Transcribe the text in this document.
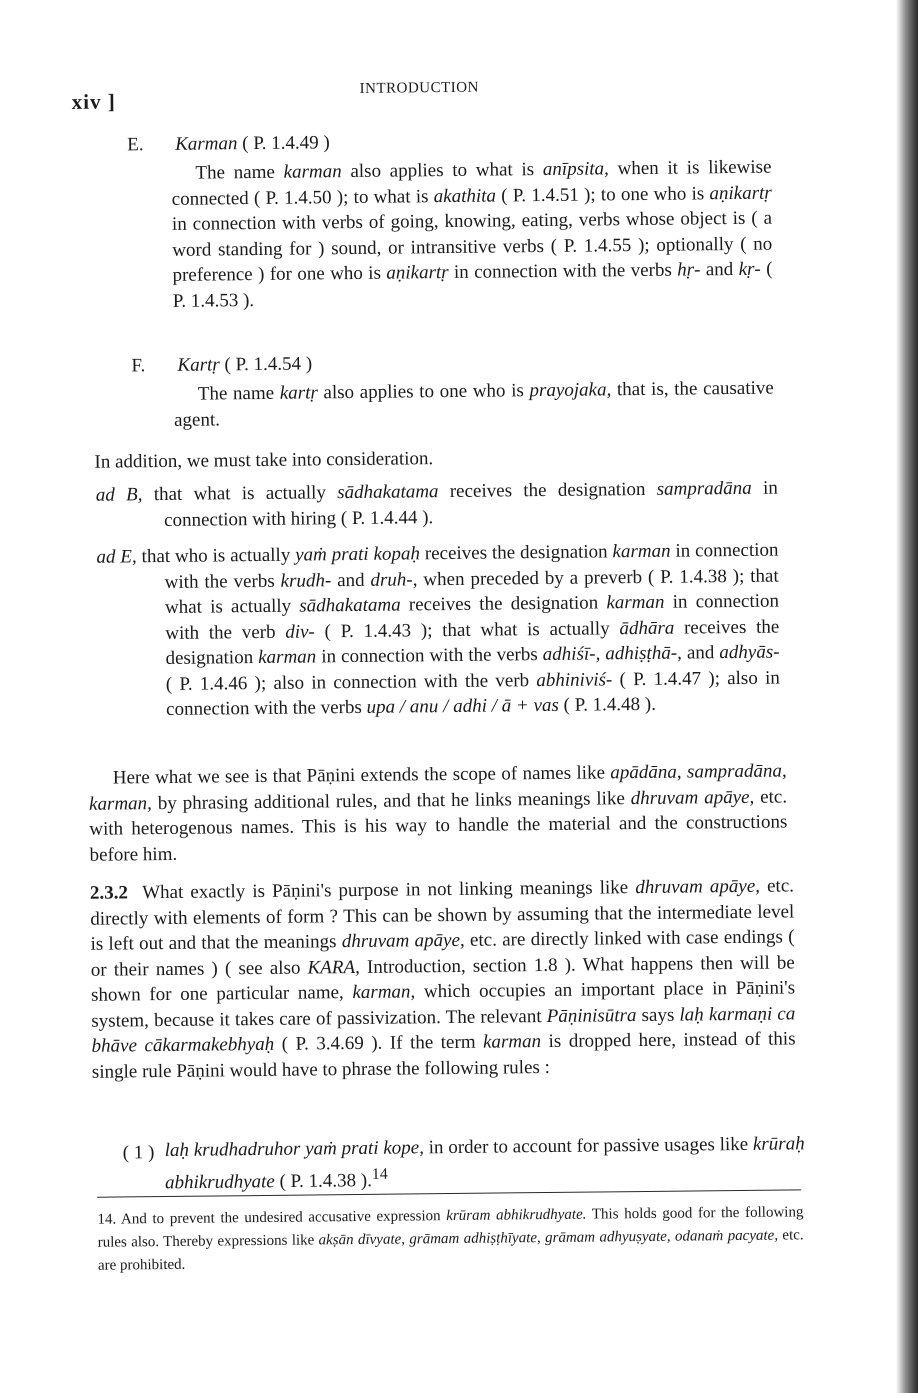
xiv ]
INTRODUCTION
E. Karman ( P. 1.4.49 )

The name karman also applies to what is anīpsita, when it is likewise connected ( P. 1.4.50 ); to what is akathita ( P. 1.4.51 ); to one who is aṇikartṛ in connection with verbs of going, knowing, eating, verbs whose object is ( a word standing for ) sound, or intransitive verbs ( P. 1.4.55 ); optionally ( no preference ) for one who is aṇikartṛ in connection with the verbs hṛ- and kṛ- ( P. 1.4.53 ).

F. Kartṛ ( P. 1.4.54 )

The name kartṛ also applies to one who is prayojaka, that is, the causative agent.

In addition, we must take into consideration.

ad B, that what is actually sādhakatama receives the designation sampradāna in connection with hiring ( P. 1.4.44 ).

ad E, that who is actually yaṁ prati kopaḥ receives the designation karman in connection with the verbs krudh- and druh-, when preceded by a preverb ( P. 1.4.38 ); that what is actually sādhakatama receives the designation karman in connection with the verb div- ( P. 1.4.43 ); that what is actually ādhāra receives the designation karman in connection with the verbs adhiśī-, adhiṣṭhā-, and adhyās- ( P. 1.4.46 ); also in connection with the verb abhiniviś- ( P. 1.4.47 ); also in connection with the verbs upa / anu / adhi / ā + vas ( P. 1.4.48 ).

Here what we see is that Pāṇini extends the scope of names like apādāna, sampradāna, karman, by phrasing additional rules, and that he links meanings like dhruvam apāye, etc. with heterogenous names. This is his way to handle the material and the constructions before him.

2.3.2 What exactly is Pāṇini's purpose in not linking meanings like dhruvam apāye, etc. directly with elements of form ? This can be shown by assuming that the intermediate level is left out and that the meanings dhruvam apāye, etc. are directly linked with case endings ( or their names ) ( see also KARA, Introduction, section 1.8 ). What happens then will be shown for one particular name, karman, which occupies an important place in Pāṇini's system, because it takes care of passivization. The relevant Pāṇinisūtra says laḥ karmaṇi ca bhāve cākarmakebhyaḥ ( P. 3.4.69 ). If the term karman is dropped here, instead of this single rule Pāṇini would have to phrase the following rules :

( 1 ) laḥ krudhadruhor yaṁ prati kope, in order to account for passive usages like krūraḥ abhikrudhyate ( P. 1.4.38 ).$^{14}$

14. And to prevent the undesired accusative expression krūram abhikrudhyate. This holds good for the following rules also. Thereby expressions like akṣān dīvyate, grāmam adhiṣṭhīyate, grāmam adhyuṣyate, odanaṁ pacyate, etc. are prohibited.
